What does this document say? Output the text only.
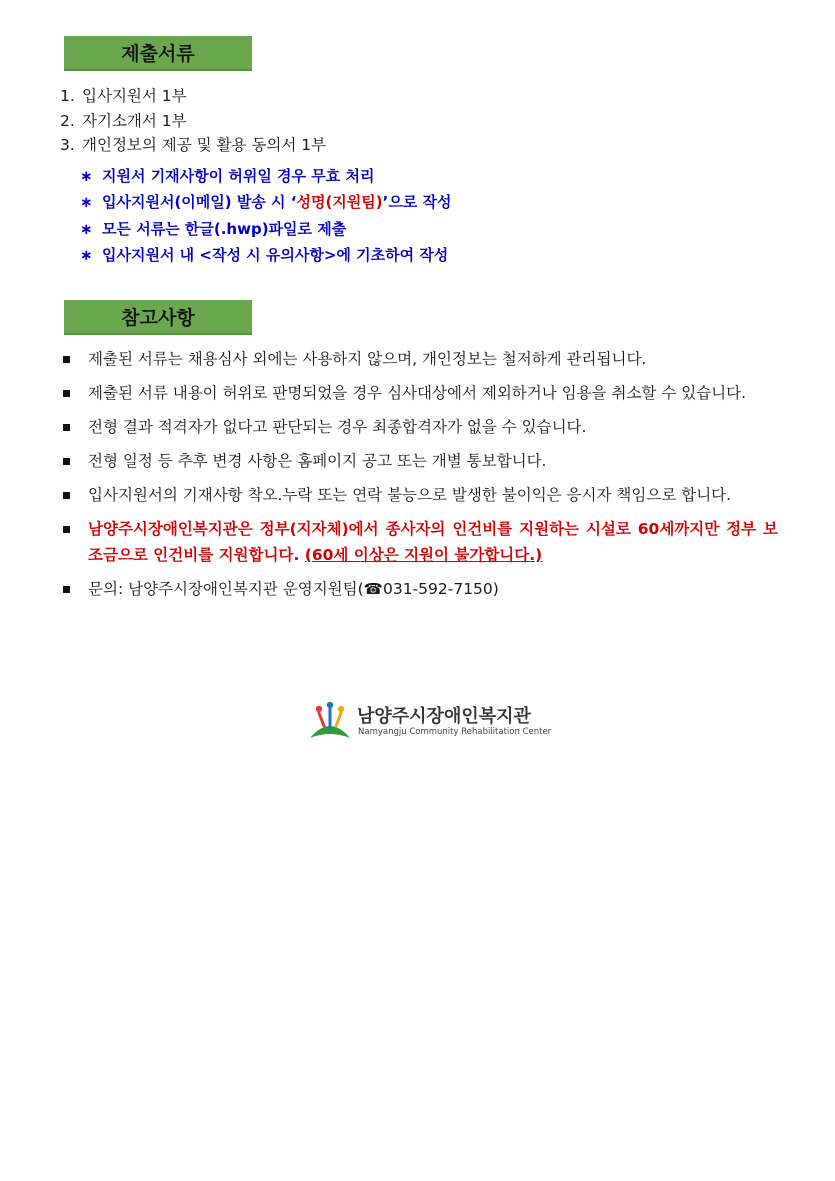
제출서류
1. 입사지원서 1부
2. 자기소개서 1부
3. 개인정보의 제공 및 활용 동의서 1부
∗ 지원서 기재사항이 허위일 경우 무효 처리
∗ 입사지원서(이메일) 발송 시 ‘성명(지원팀)’으로 작성
∗ 모든 서류는 한글(.hwp)파일로 제출
∗ 입사지원서 내 <작성 시 유의사항>에 기초하여 작성
참고사항
제출된 서류는 채용심사 외에는 사용하지 않으며, 개인정보는 철저하게 관리됩니다.
제출된 서류 내용이 허위로 판명되었을 경우 심사대상에서 제외하거나 임용을 취소할 수 있습니다.
전형 결과 적격자가 없다고 판단되는 경우 최종합격자가 없을 수 있습니다.
전형 일정 등 추후 변경 사항은 홈페이지 공고 또는 개별 통보합니다.
입사지원서의 기재사항 착오.누락 또는 연락 불능으로 발생한 불이익은 응시자 책임으로 합니다.
남양주시장애인복지관은 정부(지자체)에서 종사자의 인건비를 지원하는 시설로 60세까지만 정부 보조금으로 인건비를 지원합니다. (60세 이상은 지원이 불가합니다.)
문의: 남양주시장애인복지관 운영지원팀(☎031-592-7150)
남양주시장애인복지관
Namyangju Community Rehabilitation Center
